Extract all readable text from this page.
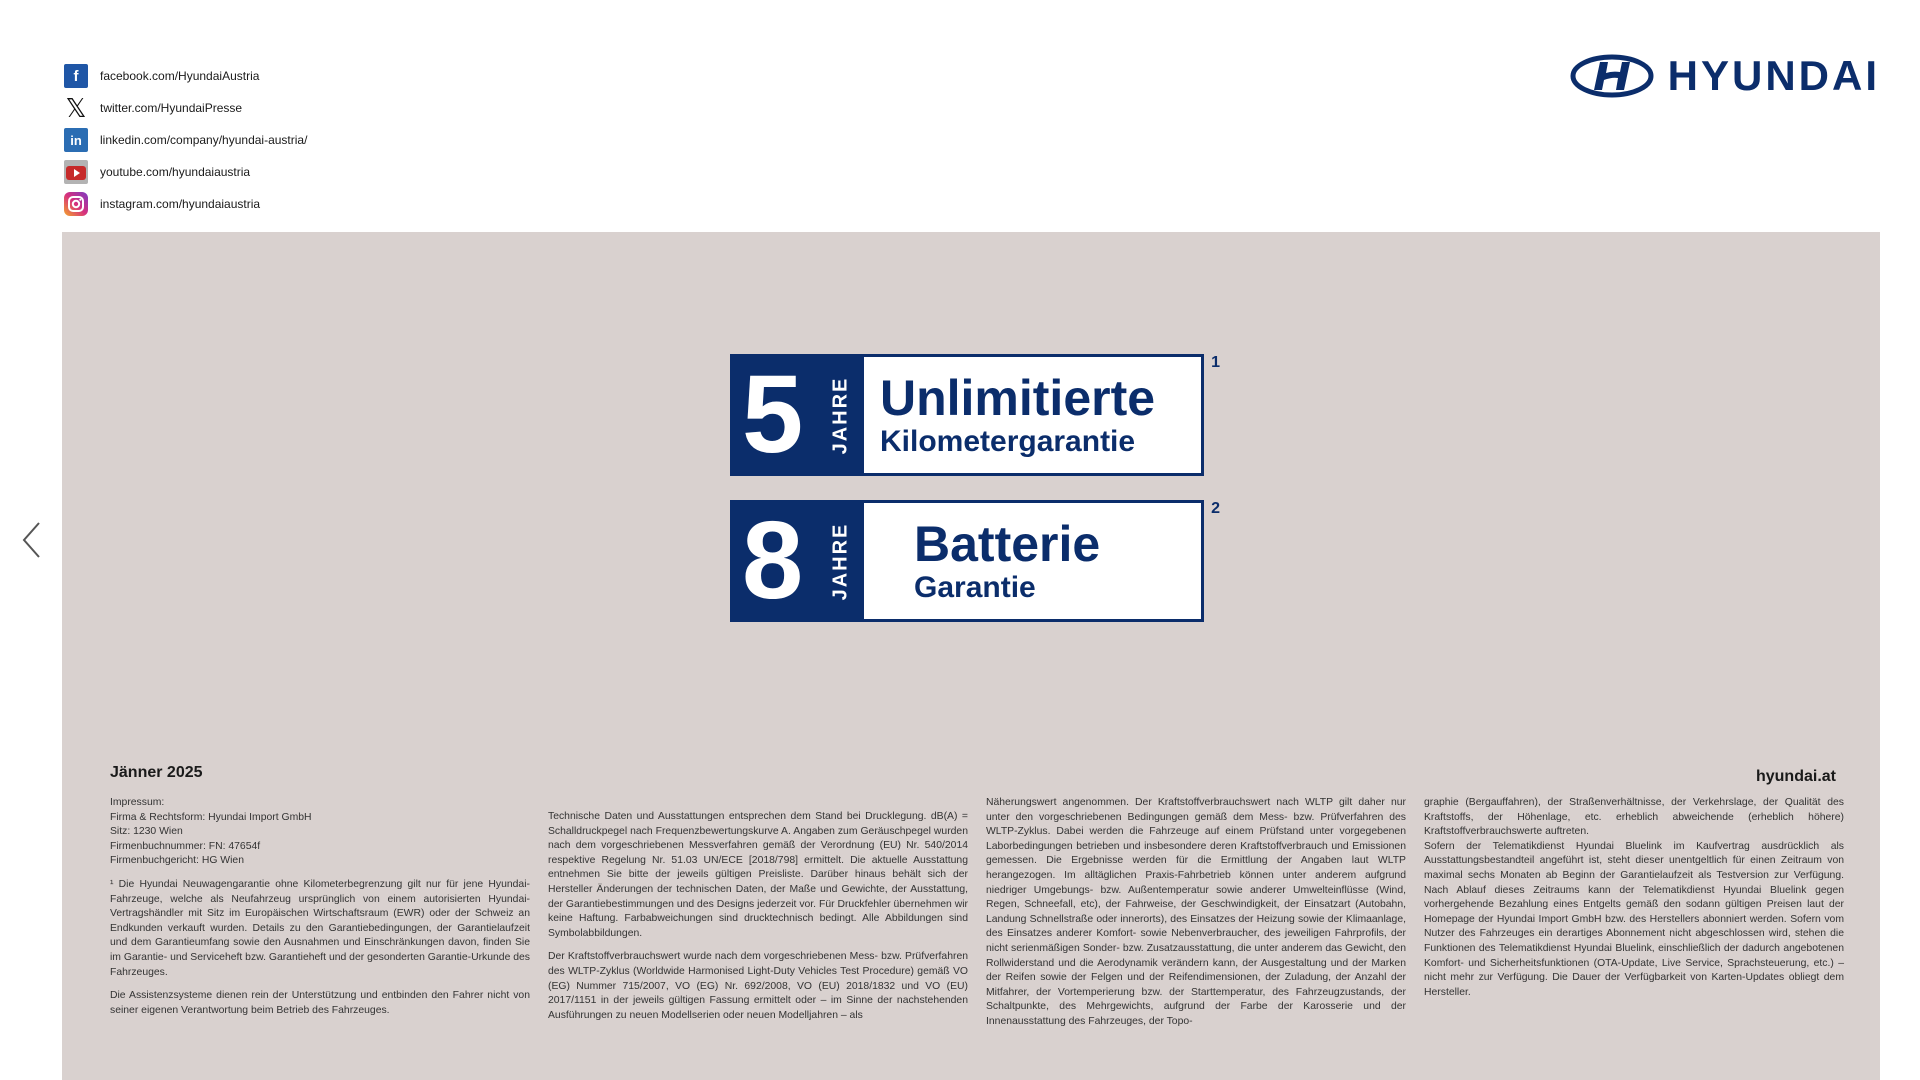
f	facebook.com/HyundaiAustria
𝕏 twitter.com/HyundaiPresse
in	linkedin.com/company/hyundai-austria/
youtube.com/hyundaiaustria
instagram.com/hyundaiaustria
HYUNDAI
5 JAHRE Unlimitierte
Kilometergarantie
1
8 JAHRE Batterie
Garantie
2
Jänner 2025	hyundai.at

Impressum:

Firma & Rechtsform: Hyundai Import GmbH

Sitz: 1230 Wien

Firmenbuchnummer: FN: 47654f

Firmenbuchgericht: HG Wien

¹ Die Hyundai Neuwagengarantie ohne Kilometerbegrenzung gilt nur für jene Hyundai-Fahrzeuge, welche als Neufahrzeug ursprünglich von einem autorisierten Hyundai-Vertragshändler mit Sitz im Europäischen Wirtschaftsraum (EWR) oder der Schweiz an Endkunden verkauft wurden. Details zu den Garantiebedingungen, der Garantielaufzeit und dem Garantieumfang sowie den Ausnahmen und Einschränkungen davon, finden Sie im Garantie- und Serviceheft bzw. Garantieheft und der gesonderten Garantie-Urkunde des Fahrzeuges.

Die Assistenzsysteme dienen rein der Unterstützung und entbinden den Fahrer nicht von seiner eigenen Verantwortung beim Betrieb des Fahrzeuges.

Technische Daten und Ausstattungen entsprechen dem Stand bei Drucklegung. dB(A) = Schalldruckpegel nach Frequenzbewertungskurve A. Angaben zum Geräuschpegel wurden nach dem vorgeschriebenen Messverfahren gemäß der Verordnung (EU) Nr. 540/2014 respektive Regelung Nr. 51.03 UN/ECE [2018/798] ermittelt. Die aktuelle Ausstattung entnehmen Sie bitte der jeweils gültigen Preisliste. Darüber hinaus behält sich der Hersteller Änderungen der technischen Daten, der Maße und Gewichte, der Ausstattung, der Garantiebestimmungen und des Designs jederzeit vor. Für Druckfehler übernehmen wir keine Haftung. Farbabweichungen sind drucktechnisch bedingt. Alle Abbildungen sind Symbolabbildungen.

Der Kraftstoffverbrauchswert wurde nach dem vorgeschriebenen Mess- bzw. Prüfverfahren des WLTP-Zyklus (Worldwide Harmonised Light-Duty Vehicles Test Procedure) gemäß VO (EG) Nummer 715/2007, VO (EG) Nr. 692/2008, VO (EU) 2018/1832 und VO (EU) 2017/1151 in der jeweils gültigen Fassung ermittelt oder – im Sinne der nachstehenden Ausführungen zu neuen Modellserien oder neuen Modelljahren – als

Näherungswert angenommen. Der Kraftstoffverbrauchswert nach WLTP gilt daher nur unter den vorgeschriebenen Bedingungen gemäß dem Mess- bzw. Prüfverfahren des WLTP-Zyklus. Dabei werden die Fahrzeuge auf einem Prüfstand unter vorgegebenen Laborbedingungen betrieben und insbesondere deren Kraftstoffverbrauch und Emissionen gemessen. Die Ergebnisse werden für die Ermittlung der Angaben laut WLTP herangezogen. Im alltäglichen Praxis-Fahrbetrieb können unter anderem aufgrund niedriger Umgebungs- bzw. Außentemperatur sowie anderer Umwelteinflüsse (Wind, Regen, Schneefall, etc), der Fahrweise, der Geschwindigkeit, der Einsatzart (Autobahn, Landung Schnellstraße oder innerorts), des Einsatzes der Heizung sowie der Klimaanlage, des Einsatzes anderer Komfort- sowie Nebenverbraucher, des jeweiligen Fahrprofils, der nicht serienmäßigen Sonder- bzw. Zusatzausstattung, die unter anderem das Gewicht, den Rollwiderstand und die Aerodynamik verändern kann, der Ausgestaltung und der Marken der Reifen sowie der Felgen und der Reifendimensionen, der Zuladung, der Anzahl der Mitfahrer, der Vortemperierung bzw. der Starttemperatur, des Fahrzeugzustands, der Schaltpunkte, des Mehrgewichts, aufgrund der Farbe der Karosserie und der Innenausstattung des Fahrzeuges, der Topo-

graphie (Bergauffahren), der Straßenverhältnisse, der Verkehrslage, der Qualität des Kraftstoffs, der Höhenlage, etc. erheblich abweichende (erheblich höhere) Kraftstoffverbrauchswerte auftreten.

Sofern der Telematikdienst Hyundai Bluelink im Kaufvertrag ausdrücklich als Ausstattungsbestandteil angeführt ist, steht dieser unentgeltlich für einen Zeitraum von maximal sechs Monaten ab Beginn der Garantielaufzeit als Testversion zur Verfügung. Nach Ablauf dieses Zeitraums kann der Telematikdienst Hyundai Bluelink gegen vorhergehende Bezahlung eines Entgelts gemäß den sodann gültigen Preisen laut der Homepage der Hyundai Import GmbH bzw. des Herstellers abonniert werden. Sofern vom Nutzer des Fahrzeuges ein derartiges Abonnement nicht abgeschlossen wird, stehen die Funktionen des Telematikdienst Hyundai Bluelink, einschließlich der dadurch angebotenen Komfort- und Sicherheitsfunktionen (OTA-Update, Live Service, Sprachsteuerung, etc.) – nicht mehr zur Verfügung. Die Dauer der Verfügbarkeit von Karten-Updates obliegt dem Hersteller.
